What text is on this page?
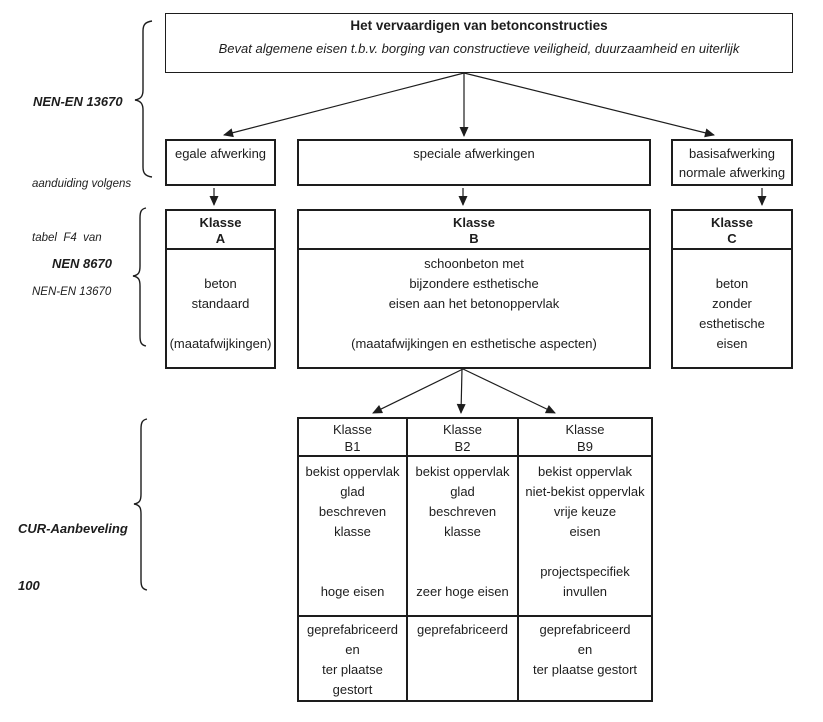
Het vervaardigen van betonconstructies
Bevat algemene eisen t.b.v. borging van constructieve veiligheid, duurzaamheid en uiterlijk
NEN-EN 13670

aanduiding volgens

tabel  F4  van

NEN-EN 13670

NEN 8670

CUR-Aanbeveling

100

egale afwerking	speciale afwerkingen	basisafwerking
normale afwerking
Klasse
A
beton
standaard
(maatafwijkingen)
Klasse
B
schoonbeton met
bijzondere esthetische
eisen aan het betonoppervlak
(maatafwijkingen en esthetische aspecten)
Klasse
C
beton
zonder
esthetische
eisen
Klasse
B1
bekist oppervlak
glad
beschreven
klasse
hoge eisen
geprefabriceerd
en
ter plaatse
gestort
Klasse
B2
bekist oppervlak
glad
beschreven
klasse
zeer hoge eisen
geprefabriceerd
Klasse
B9
bekist oppervlak
niet-bekist oppervlak
vrije keuze
eisen
projectspecifiek
invullen
geprefabriceerd
en
ter plaatse gestort
